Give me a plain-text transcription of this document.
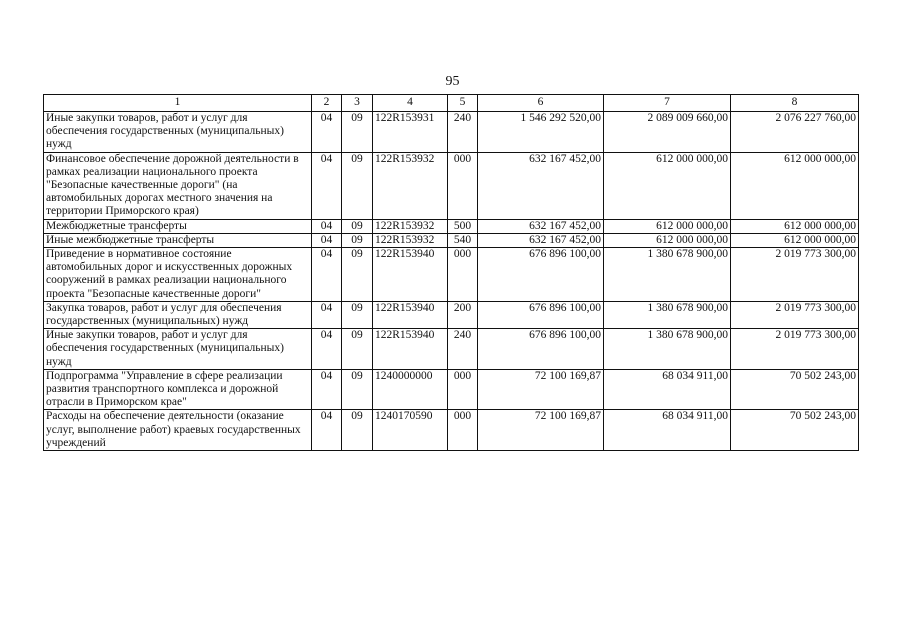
95
1	2	3	4	5	6	7	8
Иные закупки товаров, работ и услуг для обеспечения государственных (муниципальных) нужд	04	09	122R153931	240	1 546 292 520,00	2 089 009 660,00	2 076 227 760,00
Финансовое обеспечение дорожной деятельности в рамках реализации национального проекта "Безопасные качественные дороги" (на автомобильных дорогах местного значения на территории Приморского края)	04	09	122R153932	000	632 167 452,00	612 000 000,00	612 000 000,00
Межбюджетные трансферты	04	09	122R153932	500	632 167 452,00	612 000 000,00	612 000 000,00
Иные межбюджетные трансферты	04	09	122R153932	540	632 167 452,00	612 000 000,00	612 000 000,00
Приведение в нормативное состояние автомобильных дорог и искусственных дорожных сооружений в рамках реализации национального проекта "Безопасные качественные дороги"	04	09	122R153940	000	676 896 100,00	1 380 678 900,00	2 019 773 300,00
Закупка товаров, работ и услуг для обеспечения государственных (муниципальных) нужд	04	09	122R153940	200	676 896 100,00	1 380 678 900,00	2 019 773 300,00
Иные закупки товаров, работ и услуг для обеспечения государственных (муниципальных) нужд	04	09	122R153940	240	676 896 100,00	1 380 678 900,00	2 019 773 300,00
Подпрограмма "Управление в сфере реализации развития транспортного комплекса и дорожной отрасли в Приморском крае"	04	09	1240000000	000	72 100 169,87	68 034 911,00	70 502 243,00
Расходы на обеспечение деятельности (оказание услуг, выполнение работ) краевых государственных учреждений	04	09	1240170590	000	72 100 169,87	68 034 911,00	70 502 243,00
